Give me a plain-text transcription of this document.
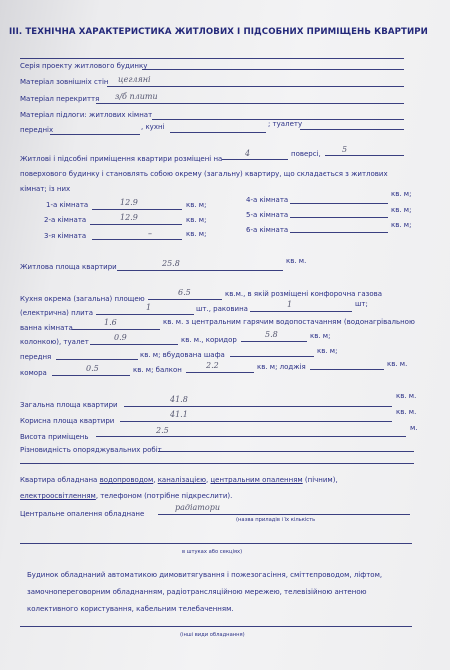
III. ТЕХНІЧНА ХАРАКТЕРИСТИКА ЖИТЛОВИХ І ПІДСОБНИХ ПРИМІЩЕНЬ КВАРТИРИ
Серія проекту житлового будинку
Матеріал зовнішніх стін цегляні
Матеріал перекриття з/б плити
Матеріал підлоги: житлових кімнат
передніх	, кухні	; туалету
Житлові і підсобні приміщення квартири розміщені на
4	поверсі,	5
поверхового будинку і становлять собою окрему (загальну) квартиру, що складається з житлових
кімнат; із них
1-а кімната	12.9	кв. м;
2-а кімната	12.9	кв. м;
3-я кімната	–	кв. м;
4-а кімната
кв. м;
5-а кімната
кв. м;
6-а кімната
кв. м;
Житлова площа квартири	25.8	кв. м.
Кухня окрема (загальна) площею
6.5	кв.м., в якій розміщені конфорочна газова
(електрична) плита
1	шт., раковина	1	шт;
ванна кімната
1.6	кв. м. з центральним гарячим водопостачанням (водонагрівальною
колонкою), туалет	0.9	кв. м., коридор
5.8	кв. м;
передня	кв. м; вбудована шафа	кв. м;
комора	0.5	кв. м; балкон	2.2	кв. м; лоджія	кв. м.
Загальна площа квартири
41.8	кв. м.
Корисна площа квартири
41.1	кв. м.
Висота приміщень
2.5	м.
Різновидність опоряджувальних робіт
Квартира обладнана водопроводом, каналізацією, центральним опаленням (пічним),
електроосвітленням, телефоном (потрібне підкреслити).
Центральне опалення обладнане
радіатори
(назва приладів і їх кількість
в штуках або секціях)
Будинок обладнаний автоматикою димовитягування і пожезогасіння, сміттєпроводом, ліфтом,
замочнопереговорним обладнанням, радіотрансляційною мережею, телевізійною антеною
колективного користування, кабельним телебаченням.
(інші види обладнання)
